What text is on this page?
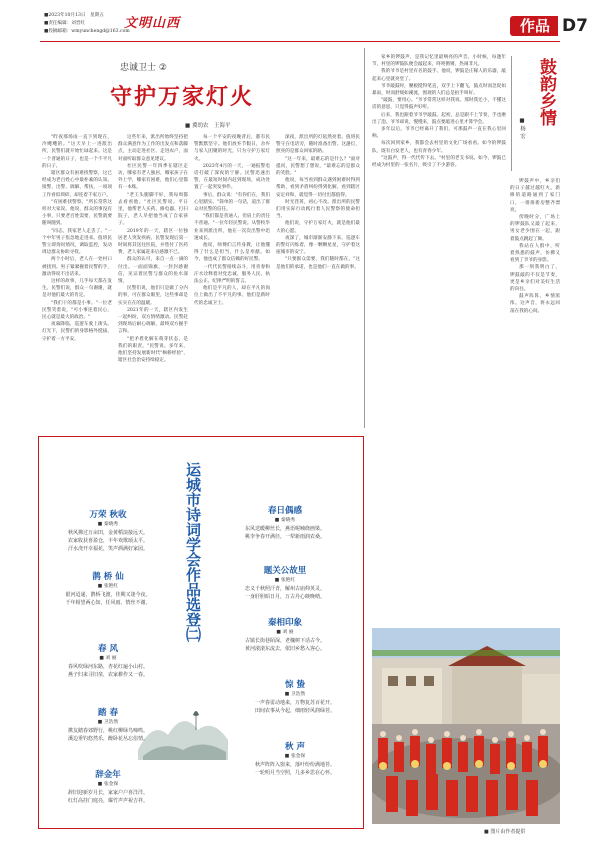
■2023年10月13日　星期五
■责任编辑：刘晋红
■投稿邮箱：wmyunchengd@163.com
文明山西	作品 D7
忠诚卫士 ②
守护万家灯火
■ 冀幼农　王海平

"昨夜那场雨一直下到现在，冷飕飕的。"这天早上一进派出所，民警们就开始忙碌起来。这是一个普通的日子，也是一个不平凡的日子。

辖区群众有困难找警察，这已经成为老百姓心中最朴素的认知。接警、出警、调解、帮扶，一项项工作看似琐碎，却连着千家万户。

"有困难找警察。"所长常常这样对大家说。他说，群众的事没有小事，只要老百姓需要，民警就要随叫随到。

"同志，我家老人走丢了。"一个中年男子焦急地走进来。值班民警立即询问情况，调取监控，发动周边群众协助寻找。

两个小时后，老人在一处村口被找到。男子紧紧握着民警的手，激动得说不出话来。

这样的故事，几乎每天都在发生。民警们说，群众一句谢谢，就是对他们最大的肯定。

"我们干的都是小事。"一位老民警笑着说，"可小事连着民心，民心就是最大的政治。"

夜幕降临，巡逻车驶上街头。灯光下，民警们的身影格外挺拔，守护着一方平安。

这些年来，派出所始终坚持把群众满意作为工作的出发点和落脚点，主动走进社区、走进农户，面对面听取群众意见建议。

社区民警一年四季在辖区走访，哪家有老人独居，哪家孩子在外上学，哪家有困难，他们心里都有一本账。

"老王头腿脚不好，我每周都去看看他。"社区民警说。平日里，他帮老人买药、修电器、打扫院子，老人早把他当成了自家孩子。

2019年的一天，辖区一位独居老人突发疾病，民警发现后第一时间将其送往医院，并垫付了医药费，老人家属赶来后感激不已。

群众的认可，来自一点一滴的付出。一面面锦旗，一封封感谢信，见证着民警与群众的鱼水深情。

民警们说，他们只是做了分内的事，可在群众眼里，这些事却是实实在在的温暖。

2021年的一天，辖区内发生一起纠纷，双方情绪激动。民警赶到现场后耐心调解，最终双方握手言和。

"把矛盾化解在萌芽状态，是我们的职责。"民警说。多年来，他们坚持发展新时代"枫桥经验"，辖区社会治安持续稳定。

每一个平安的夜晚背后，都有民警默默坚守。他们放弃节假日，舍弃与家人团聚的时光，只为守护万家灯火。

2023年4月的一天，一通报警电话打破了深夜的宁静。民警迅速出警，在最短时间内赶到现场，成功处置了一起突发事件。

事后，群众说："有你们在，我们心里踏实。"简单的一句话，道出了群众对民警的信任。

"我们都是普通人，但肩上的责任不普通。"一位年轻民警说。从警校毕业来到派出所，他在一次次出警中迅速成长。

他说，师傅们言传身教，让他懂得了什么是担当，什么是奉献。如今，他也成了群众信赖的好民警。

一代代民警接续奋斗，用青春和汗水诠释着对党忠诚、服务人民、执法公正、纪律严明的誓言。

他们是平凡的人，却在平凡的岗位上做出了不平凡的事。他们是新时代的忠诚卫士。

深夜，派出所的灯依然亮着。值班民警守在电话旁，随时准备出警。这盏灯，照亮的是群众回家的路。

"这一年来，最难忘的是什么？"面对提问，民警想了想说，"最难忘的是群众的笑脸。"

他说，每当看到群众遇到困难时得到帮助，看到矛盾纠纷得到化解，看到辖区安定祥和，就觉得一切付出都值得。

时光荏苒，初心不改。派出所的民警们用实际行动践行着人民警察的使命担当。

他们说，守护万家灯火，就是他们最大的心愿。

夜深了，城市渐渐安静下来。巡逻车的警灯闪烁着，像一颗颗星星，守护着这座城市的安宁。

"只要群众需要，我们随时都在。"这是他们的承诺，也是他们一直在做的事。

鼓韵乡情
■ 杨 宏

家乡的锣鼓声，是我记忆里最响亮的声音。小时候，每逢年节，村里的锣鼓队便会敲起来，咚咚锵锵，热闹非凡。

我的爷爷是村里有名的鼓手。他说，锣鼓是庄稼人的乐器，敲起来心里就亮堂了。

爷爷敲鼓时，腰板挺得笔直，双手上下翻飞，鼓点时而急促如暴雨，时而舒缓如溪流，围观的人们总是拍手叫好。

"敲鼓，要用心。"爷爷常常这样对我说。那时我还小，不懂这话的意思，只觉得鼓声好听。

后来，我也跟着爷爷学敲鼓。起初，总是跟不上节奏，手也磨出了泡。爷爷却说，慢慢来，鼓点要敲进心里才算学会。

多年以后，爷爷已经离开了我们，可那鼓声一直在我心里回响。

每次回到家乡，我都会去村里的文化广场看看。如今的锣鼓队，既有白发老人，也有青春少年。

"这鼓声，得一代代传下去。"村里的老支书说。如今，锣鼓已经成为村里的一张名片，吸引了不少游客。

锣鼓声中，乡亲们的日子越过越红火。新修的道路通到了家门口，一排排新房整齐漂亮。

傍晚时分，广场上的锣鼓队又敲了起来，男女老少围在一起，跟着鼓点跳起了舞。

我站在人群中，听着熟悉的鼓声，仿佛又看到了爷爷的身影。

那一刻我明白了，锣鼓敲的不仅是节奏，更是乡亲们对美好生活的向往。

鼓声阵阵，乡情浓浓。这声音，将永远回荡在我的心间。

■ 图片由作者提供
运城市诗词学会作品选登㈡
万荣 秋收
■ 秦晓秀
秋风拂过万亩田，金黄稻浪接远天。
农家收获喜盈仓，丰年欢歌颂太平。
汗水浇开幸福花，笑声洒满好家园。
春日偶感
■ 秦晓秀
东风送暖柳丝长，燕语呢喃绕画梁。
桃李争春开满径，一犁新雨润农桑。
鹊 桥 仙
■ 张艳红
银河迢递，鹊桥飞渡，佳期又逢今夜。
千年相望两心知，任风雨、情丝不谢。
题关公故里
■ 张艳红
忠义千秋照汗青，解州古庙仰英灵。
一身肝胆昭日月，万古丹心映晚晴。
秦相印象
■ 刘 丽
古镇长街巷陌深，老槐树下话古今。
黄河滚滚东流去，依旧乡愁入客心。
春 风
■ 刘 丽
春风吹绿河东路，杏花红遍小山村。
燕子归来寻旧垒，农家耕作又一春。
惊 蛰
■ 卫浩然
一声春雷动地来，万物复苏百花开。
田间农事从今起，细雨轻风润绿苔。
踏 春
■ 卫浩然
携友踏春郊野行，桃红柳绿鸟啼鸣。
溪边垂钓悠然乐，醉卧花丛忘俗情。
秋 声
■ 张金保
秋声阵阵入窗来，落叶纷纷满地苔。
一轮明月当空照，几多乡思在心怀。
辞金年
■ 张金保
辞旧迎新岁月长，家家户户喜洋洋。
红灯高挂门庭亮，爆竹声声祝吉祥。
